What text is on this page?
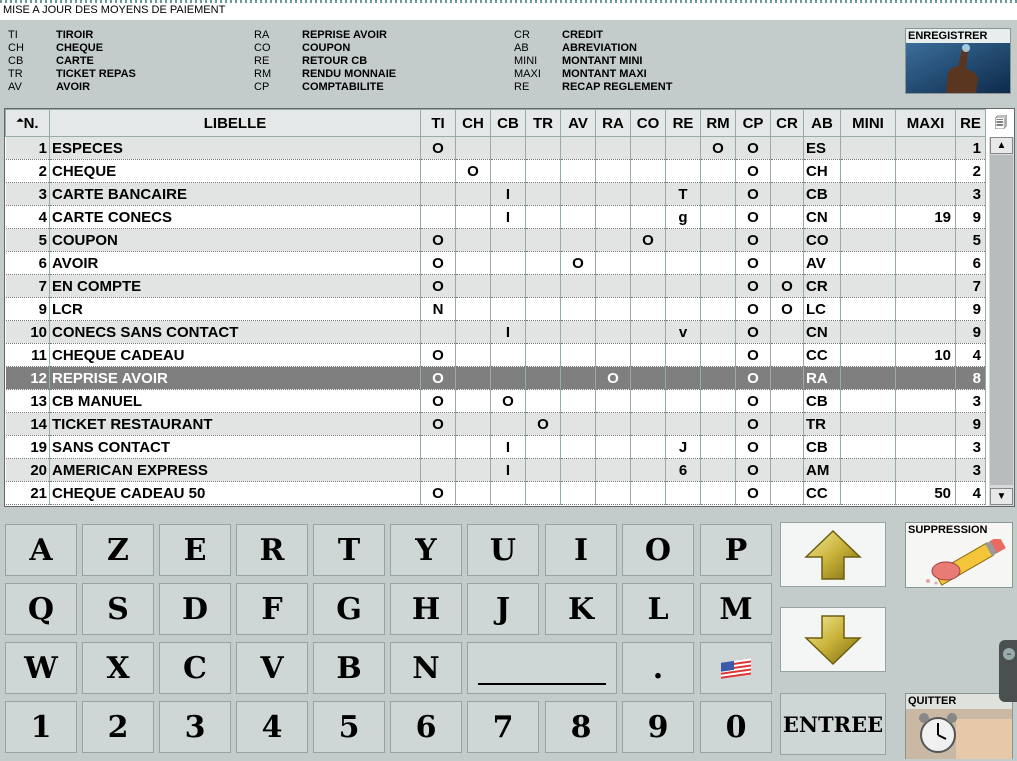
MISE A JOUR DES MOYENS DE PAIEMENT
TI	TIROIR
CH	CHEQUE
CB	CARTE
TR	TICKET REPAS
AV	AVOIR
RA	REPRISE AVOIR
CO	COUPON
RE	RETOUR CB
RM	RENDU MONNAIE
CP	COMPTABILITE
CR	CREDIT
AB	ABREVIATION
MINI MONTANT MINI
MAXI MONTANT MAXI
RE	RECAP REGLEMENT
ENREGISTRER
⏶N.	LIBELLE	TI	CH	CB	TR	AV	RA	CO	RE	RM	CP	CR	AB	MINI	MAXI	RE
1	ESPECES	O								O	O		ES			1
2	CHEQUE		O								O		CH			2
3	CARTE BANCAIRE			I					T		O		CB			3
4	CARTE CONECS			I					g		O		CN		19	9
5	COUPON	O						O			O		CO			5
6	AVOIR	O				O					O		AV			6
7	EN COMPTE	O									O	O	CR			7
9	LCR	N									O	O	LC			9
10	CONECS SANS CONTACT			I					v		O		CN			9
11	CHEQUE CADEAU	O									O		CC		10	4
12	REPRISE AVOIR	O					O				O		RA			8
13	CB MANUEL	O		O							O		CB			3
14	TICKET RESTAURANT	O			O						O		TR			9
19	SANS CONTACT			I					J		O		CB			3
20	AMERICAN EXPRESS			I					6		O		AM			3
21	CHEQUE CADEAU 50	O									O		CC		50	4
▲
▼
🗐
A	Z	E	R	T	Y	U	I	O	P
Q	S	D	F	G	H	J	K	L	M
W	X	C	V	B	N	.
1	2	3	4	5	6	7	8	9	0	ENTREE
SUPPRESSION
QUITTER
−
